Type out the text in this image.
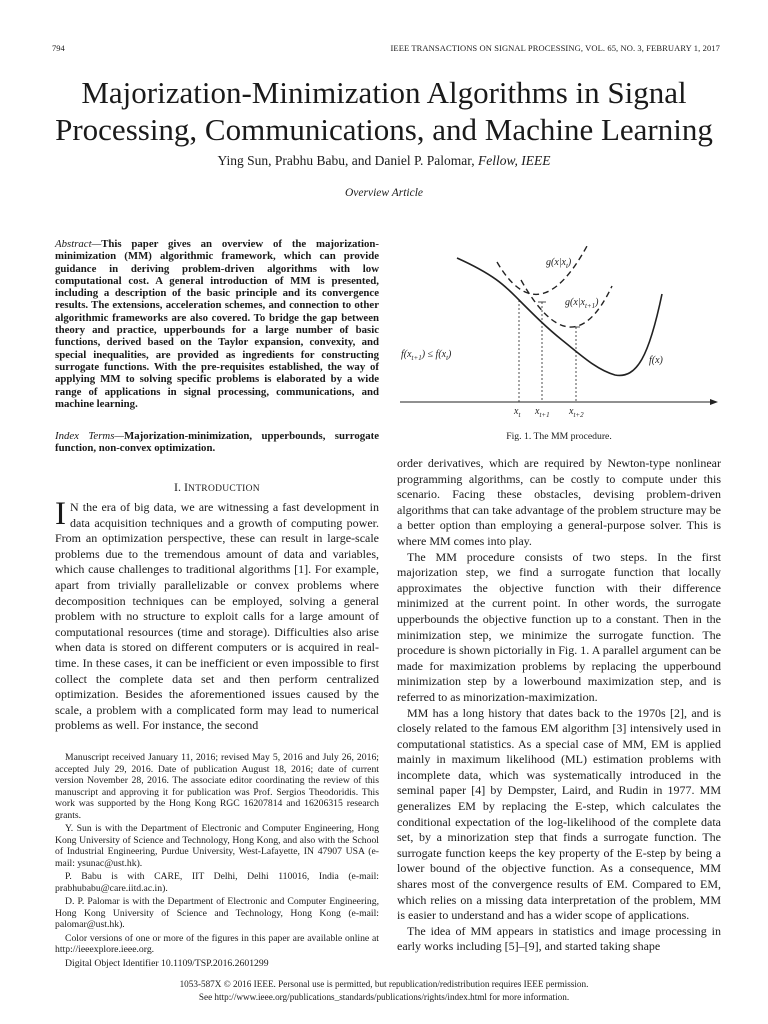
794	IEEE TRANSACTIONS ON SIGNAL PROCESSING, VOL. 65, NO. 3, FEBRUARY 1, 2017
Majorization-Minimization Algorithms in Signal
Processing, Communications, and Machine Learning
Ying Sun, Prabhu Babu, and Daniel P. Palomar, Fellow, IEEE
Overview Article
Abstract—This paper gives an overview of the majorization-minimization (MM) algorithmic framework, which can provide guidance in deriving problem-driven algorithms with low computational cost. A general introduction of MM is presented, including a description of the basic principle and its convergence results. The extensions, acceleration schemes, and connection to other algorithmic frameworks are also covered. To bridge the gap between theory and practice, upperbounds for a large number of basic functions, derived based on the Taylor expansion, convexity, and special inequalities, are provided as ingredients for constructing surrogate functions. With the pre-requisites established, the way of applying MM to solving specific problems is elaborated by a wide range of applications in signal processing, communications, and machine learning.
Index Terms—Majorization-minimization, upperbounds, surrogate function, non-convex optimization.
I. INTRODUCTION
I N the era of big data, we are witnessing a fast development in data acquisition techniques and a growth of computing power. From an optimization perspective, these can result in large-scale problems due to the tremendous amount of data and variables, which cause challenges to traditional algorithms [1]. For example, apart from trivially parallelizable or convex problems where decomposition techniques can be employed, solving a general problem with no structure to exploit calls for a large amount of computational resources (time and storage). Difficulties also arise when data is stored on different computers or is acquired in real-time. In these cases, it can be inefficient or even impossible to first collect the complete data set and then perform centralized optimization. Besides the aforementioned issues caused by the scale, a problem with a complicated form may lead to numerical problems as well. For instance, the second

Manuscript received January 11, 2016; revised May 5, 2016 and July 26, 2016; accepted July 29, 2016. Date of publication August 18, 2016; date of current version November 28, 2016. The associate editor coordinating the review of this manuscript and approving it for publication was Prof. Sergios Theodoridis. This work was supported by the Hong Kong RGC 16207814 and 16206315 research grants.

Y. Sun is with the Department of Electronic and Computer Engineering, Hong Kong University of Science and Technology, Hong Kong, and also with the School of Industrial Engineering, Purdue University, West-Lafayette, IN 47907 USA (e-mail: ysunac@ust.hk).

P. Babu is with CARE, IIT Delhi, Delhi 110016, India (e-mail: prabhubabu@care.iitd.ac.in).

D. P. Palomar is with the Department of Electronic and Computer Engineering, Hong Kong University of Science and Technology, Hong Kong (e-mail: palomar@ust.hk).

Color versions of one or more of the figures in this paper are available online at http://ieeexplore.ieee.org.

Digital Object Identifier 10.1109/TSP.2016.2601299

$g(x|x_t)$
$g(x|x_{t+1})$
f(x)
$f(x_{t+1}) \le f(x_t)$
$x_t$ $x_{t+1}$ $x_{t+2}$
Fig. 1. The MM procedure.

order derivatives, which are required by Newton-type nonlinear programming algorithms, can be costly to compute under this scenario. Facing these obstacles, devising problem-driven algorithms that can take advantage of the problem structure may be a better option than employing a general-purpose solver. This is where MM comes into play.

The MM procedure consists of two steps. In the first majorization step, we find a surrogate function that locally approximates the objective function with their difference minimized at the current point. In other words, the surrogate upperbounds the objective function up to a constant. Then in the minimization step, we minimize the surrogate function. The procedure is shown pictorially in Fig. 1. A parallel argument can be made for maximization problems by replacing the upperbound minimization step by a lowerbound maximization step, and is referred to as minorization-maximization.

MM has a long history that dates back to the 1970s [2], and is closely related to the famous EM algorithm [3] intensively used in computational statistics. As a special case of MM, EM is applied mainly in maximum likelihood (ML) estimation problems with incomplete data, which was systematically introduced in the seminal paper [4] by Dempster, Laird, and Rudin in 1977. MM generalizes EM by replacing the E-step, which calculates the conditional expectation of the log-likelihood of the complete data set, by a minorization step that finds a surrogate function. The surrogate function keeps the key property of the E-step by being a lower bound of the objective function. As a consequence, MM shares most of the convergence results of EM. Compared to EM, which relies on a missing data interpretation of the problem, MM is easier to understand and has a wider scope of applications.

The idea of MM appears in statistics and image processing in early works including [5]–[9], and started taking shape

1053-587X © 2016 IEEE. Personal use is permitted, but republication/redistribution requires IEEE permission.
See http://www.ieee.org/publications_standards/publications/rights/index.html for more information.
